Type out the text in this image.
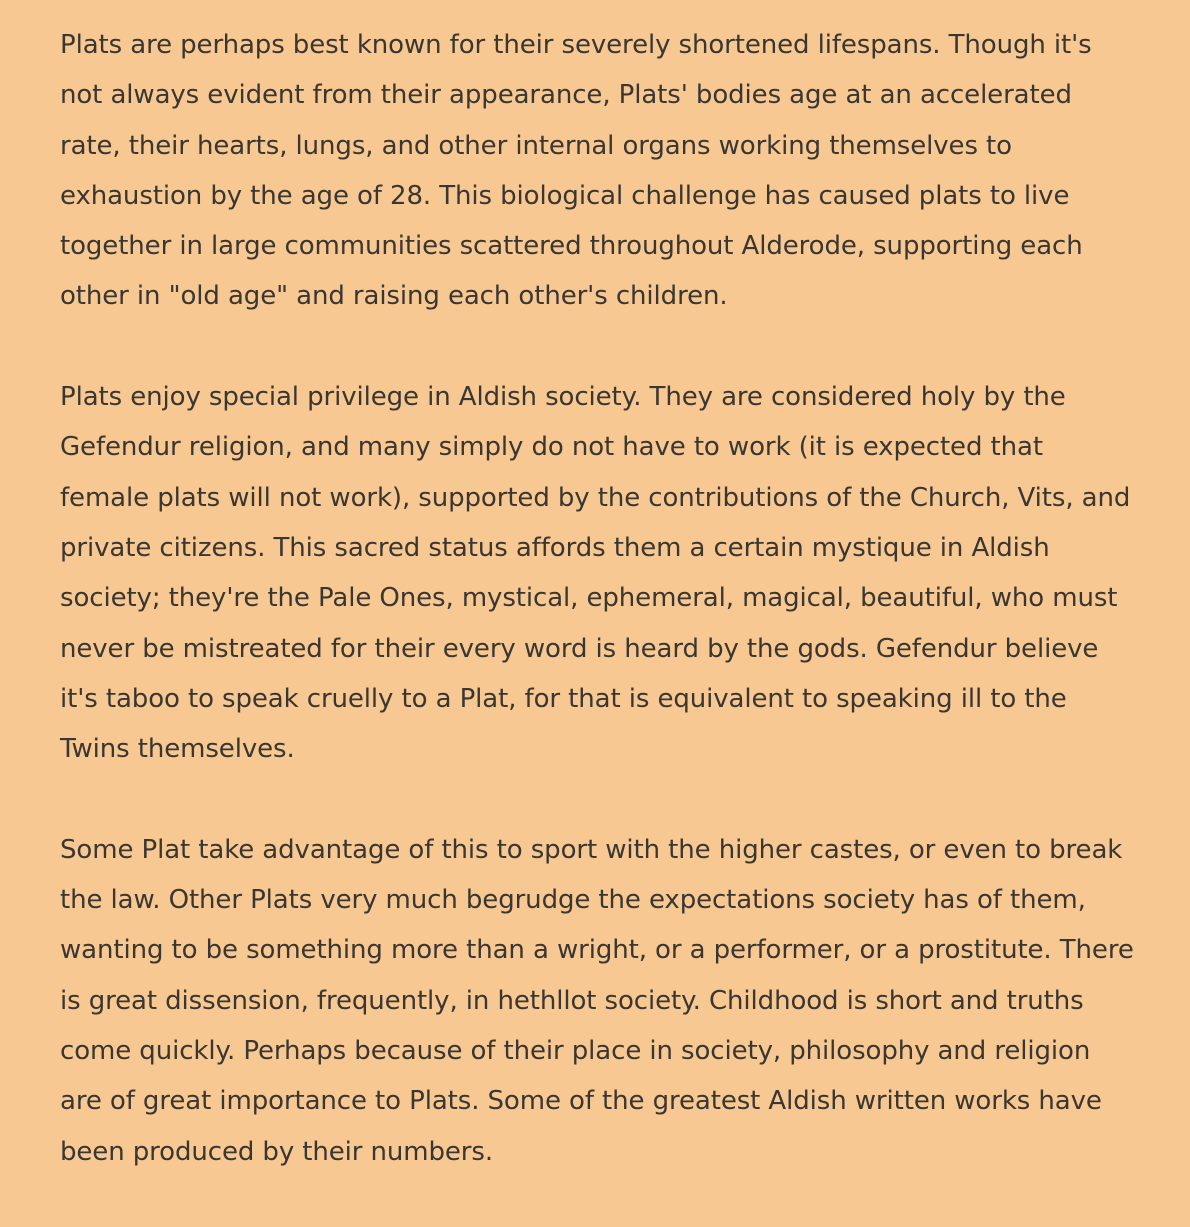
Plats are perhaps best known for their severely shortened lifespans. Though it's not always evident from their appearance, Plats' bodies age at an accelerated rate, their hearts, lungs, and other internal organs working themselves to exhaustion by the age of 28. This biological challenge has caused plats to live together in large communities scattered throughout Alderode, supporting each other in "old age" and raising each other's children.

Plats enjoy special privilege in Aldish society. They are considered holy by the Gefendur religion, and many simply do not have to work (it is expected that female plats will not work), supported by the contributions of the Church, Vits, and private citizens. This sacred status affords them a certain mystique in Aldish society; they're the Pale Ones, mystical, ephemeral, magical, beautiful, who must never be mistreated for their every word is heard by the gods. Gefendur believe it's taboo to speak cruelly to a Plat, for that is equivalent to speaking ill to the Twins themselves.

Some Plat take advantage of this to sport with the higher castes, or even to break the law. Other Plats very much begrudge the expectations society has of them, wanting to be something more than a wright, or a performer, or a prostitute. There is great dissension, frequently, in hethllot society. Childhood is short and truths come quickly. Perhaps because of their place in society, philosophy and religion are of great importance to Plats. Some of the greatest Aldish written works have been produced by their numbers.
